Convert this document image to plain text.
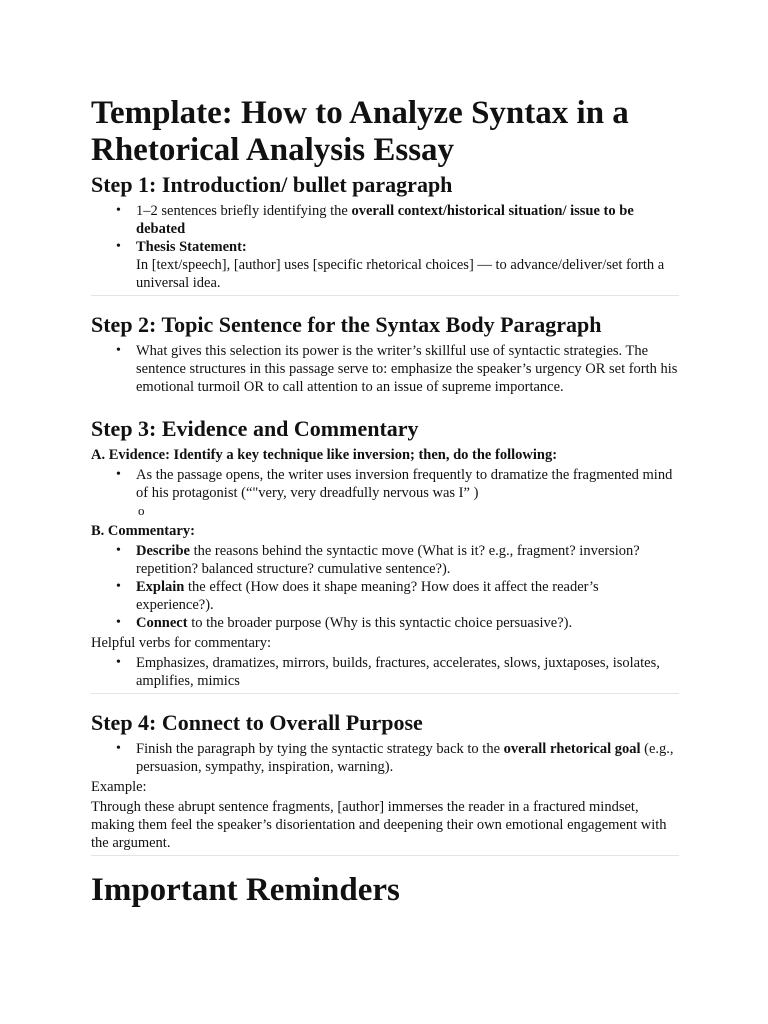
Template: How to Analyze Syntax in a Rhetorical Analysis Essay
Step 1: Introduction/ bullet paragraph
• 1–2 sentences briefly identifying the overall context/historical situation/ issue to be debated
• Thesis Statement:
In [text/speech], [author] uses [specific rhetorical choices] — to advance/deliver/set forth a universal idea.
Step 2: Topic Sentence for the Syntax Body Paragraph
• What gives this selection its power is the writer’s skillful use of syntactic strategies. The sentence structures in this passage serve to: emphasize the speaker’s urgency OR set forth his emotional turmoil OR to call attention to an issue of supreme importance.
Step 3: Evidence and Commentary

A. Evidence: Identify a key technique like inversion; then, do the following:

• As the passage opens, the writer uses inversion frequently to dramatize the fragmented mind of his protagonist (“"very, very dreadfully nervous was I” )
o

B. Commentary:

• Describe the reasons behind the syntactic move (What is it? e.g., fragment? inversion? repetition? balanced structure? cumulative sentence?).
• Explain the effect (How does it shape meaning? How does it affect the reader’s experience?).
• Connect to the broader purpose (Why is this syntactic choice persuasive?).

Helpful verbs for commentary:

• Emphasizes, dramatizes, mirrors, builds, fractures, accelerates, slows, juxtaposes, isolates, amplifies, mimics
Step 4: Connect to Overall Purpose
• Finish the paragraph by tying the syntactic strategy back to the overall rhetorical goal (e.g., persuasion, sympathy, inspiration, warning).

Example:

Through these abrupt sentence fragments, [author] immerses the reader in a fractured mindset, making them feel the speaker’s disorientation and deepening their own emotional engagement with the argument.

Important Reminders
